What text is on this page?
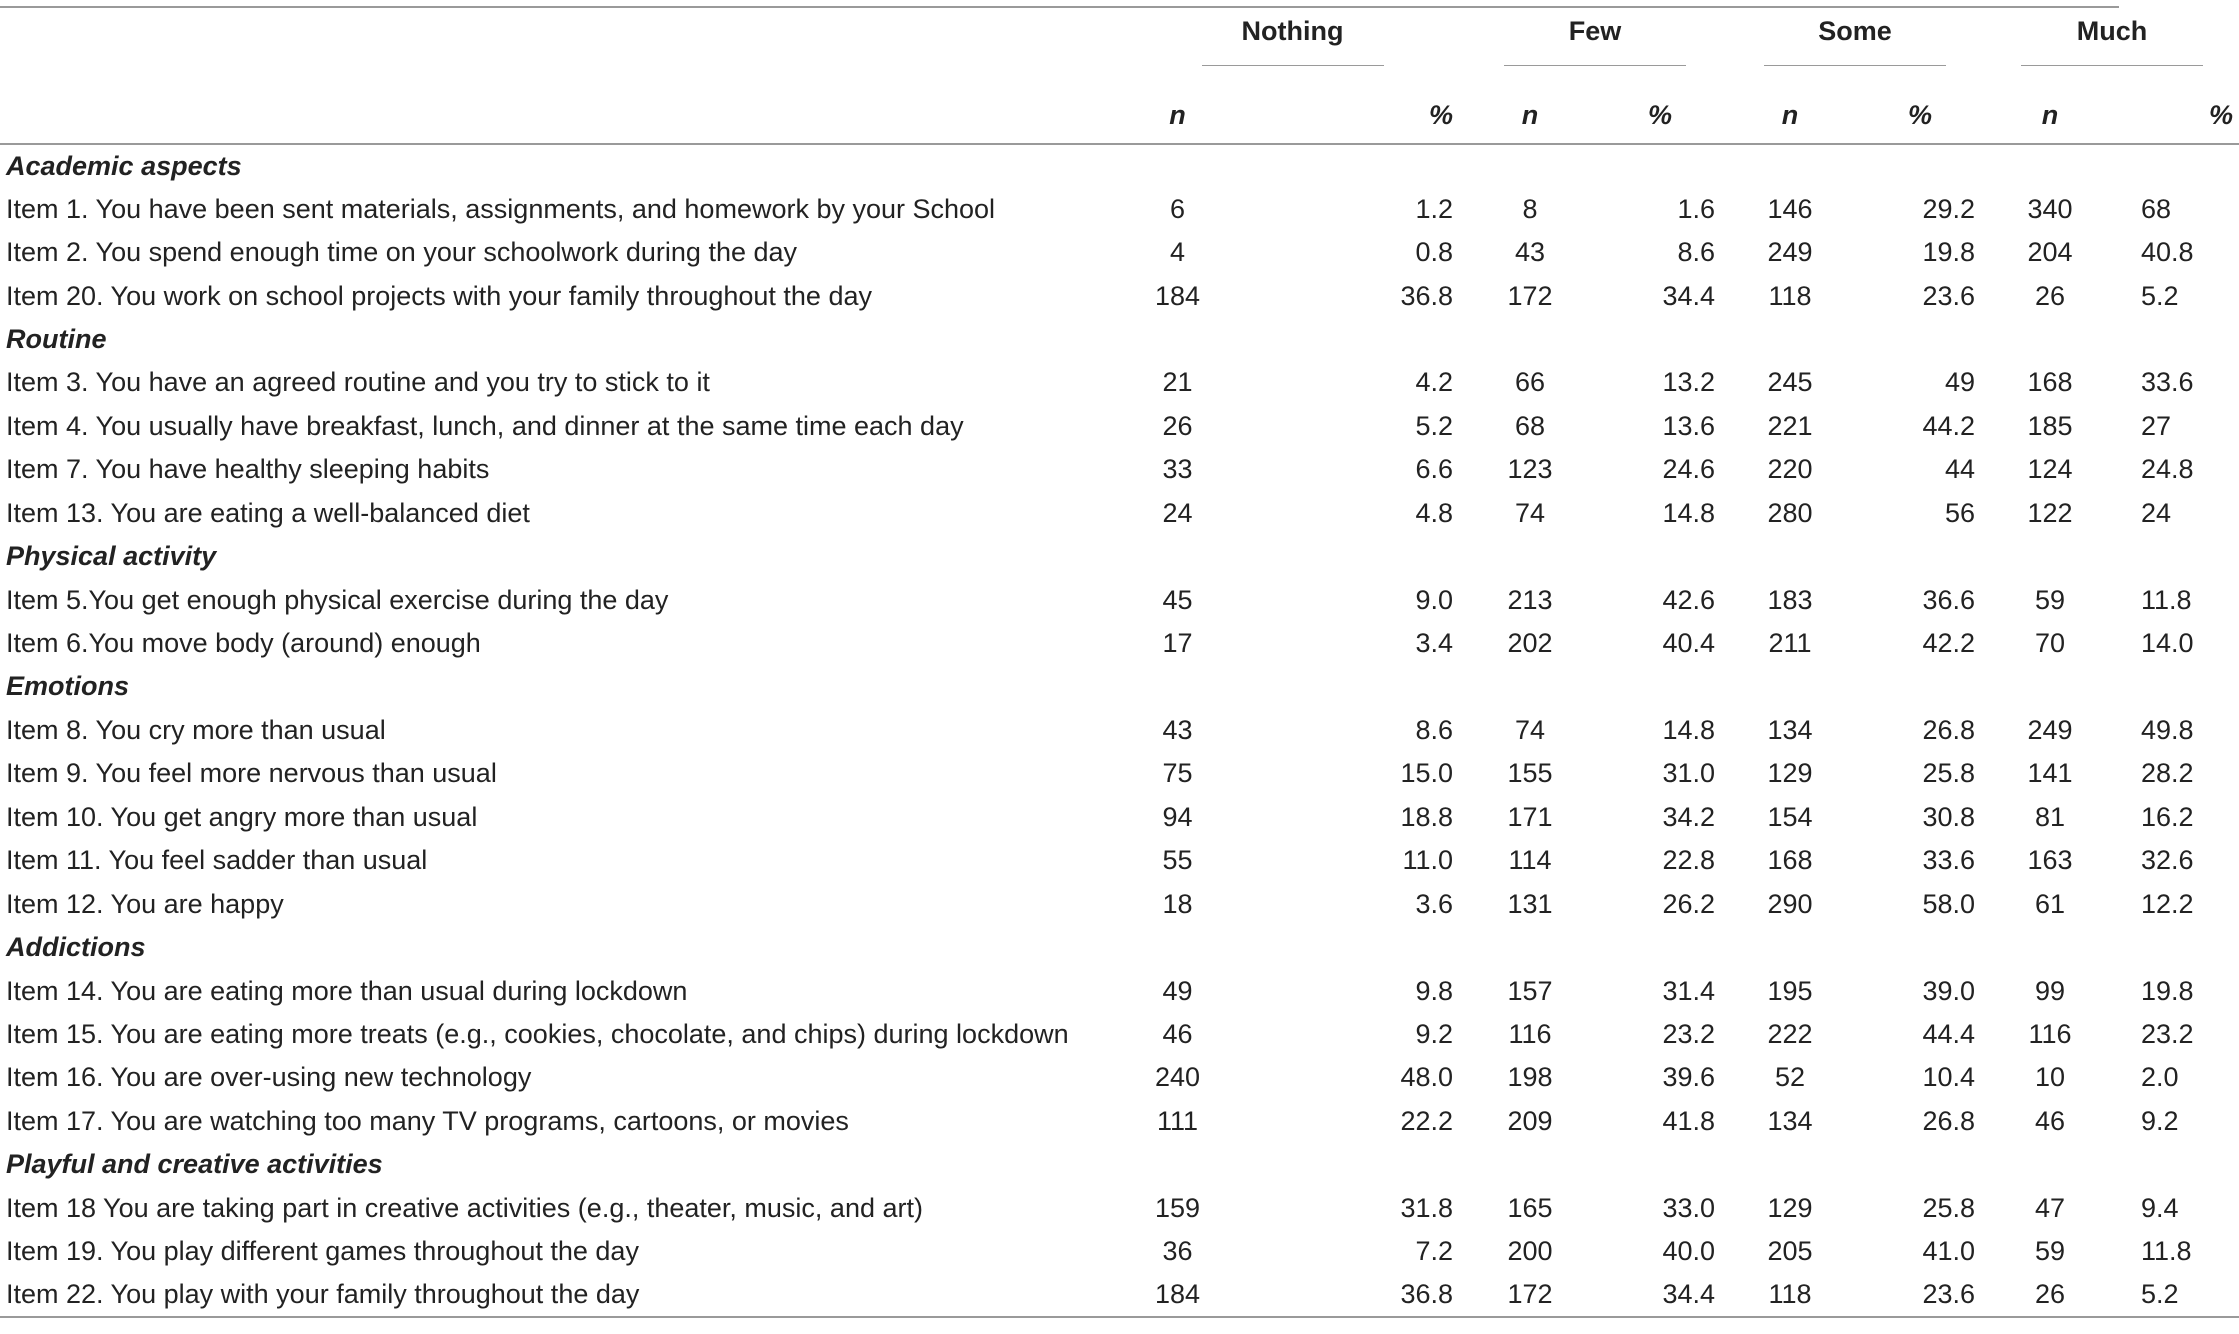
	Nothing		Few		Some		Much	

	n	%	n	%	n	%	n	%
Academic aspects								
Item 1. You have been sent materials, assignments, and homework by your School	6	1.2	8	1.6	146	29.2	340	68
Item 2. You spend enough time on your schoolwork during the day	4	0.8	43	8.6	249	19.8	204	40.8
Item 20. You work on school projects with your family throughout the day	184	36.8	172	34.4	118	23.6	26	5.2
Routine								
Item 3. You have an agreed routine and you try to stick to it	21	4.2	66	13.2	245	49	168	33.6
Item 4. You usually have breakfast, lunch, and dinner at the same time each day	26	5.2	68	13.6	221	44.2	185	27
Item 7. You have healthy sleeping habits	33	6.6	123	24.6	220	44	124	24.8
Item 13. You are eating a well-balanced diet	24	4.8	74	14.8	280	56	122	24
Physical activity								
Item 5.You get enough physical exercise during the day	45	9.0	213	42.6	183	36.6	59	11.8
Item 6.You move body (around) enough	17	3.4	202	40.4	211	42.2	70	14.0
Emotions								
Item 8. You cry more than usual	43	8.6	74	14.8	134	26.8	249	49.8
Item 9. You feel more nervous than usual	75	15.0	155	31.0	129	25.8	141	28.2
Item 10. You get angry more than usual	94	18.8	171	34.2	154	30.8	81	16.2
Item 11. You feel sadder than usual	55	11.0	114	22.8	168	33.6	163	32.6
Item 12. You are happy	18	3.6	131	26.2	290	58.0	61	12.2
Addictions								
Item 14. You are eating more than usual during lockdown	49	9.8	157	31.4	195	39.0	99	19.8
Item 15. You are eating more treats (e.g., cookies, chocolate, and chips) during lockdown	46	9.2	116	23.2	222	44.4	116	23.2
Item 16. You are over-using new technology	240	48.0	198	39.6	52	10.4	10	2.0
Item 17. You are watching too many TV programs, cartoons, or movies	111	22.2	209	41.8	134	26.8	46	9.2
Playful and creative activities								
Item 18 You are taking part in creative activities (e.g., theater, music, and art)	159	31.8	165	33.0	129	25.8	47	9.4
Item 19. You play different games throughout the day	36	7.2	200	40.0	205	41.0	59	11.8
Item 22. You play with your family throughout the day	184	36.8	172	34.4	118	23.6	26	5.2
